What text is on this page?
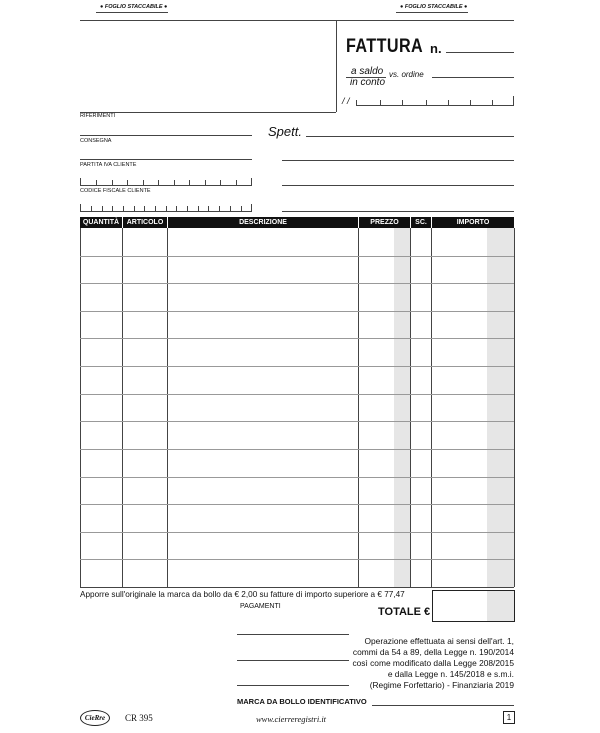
● FOGLIO STACCABILE ●	● FOGLIO STACCABILE ●
FATTURA n.
a saldo
in conto
vs. ordine
/ /
RIFERIMENTI
CONSEGNA
PARTITA IVA CLIENTE
CODICE FISCALE CLIENTE
Spett.
QUANTITÀ	ARTICOLO	DESCRIZIONE	PREZZO	SC.	IMPORTO
Apporre sull'originale la marca da bollo da € 2,00 su fatture di importo superiore a € 77,47
PAGAMENTI	TOTALE €
Operazione effettuata ai sensi dell'art. 1,
commi da 54 a 89, della Legge n. 190/2014
così come modificato dalla Legge 208/2015
e dalla Legge n. 145/2018 e s.m.i.
(Regime Forfettario) - Finanziaria 2019
MARCA DA BOLLO IDENTIFICATIVO
CieRre	CR 395	www.cierreregistri.it	1
